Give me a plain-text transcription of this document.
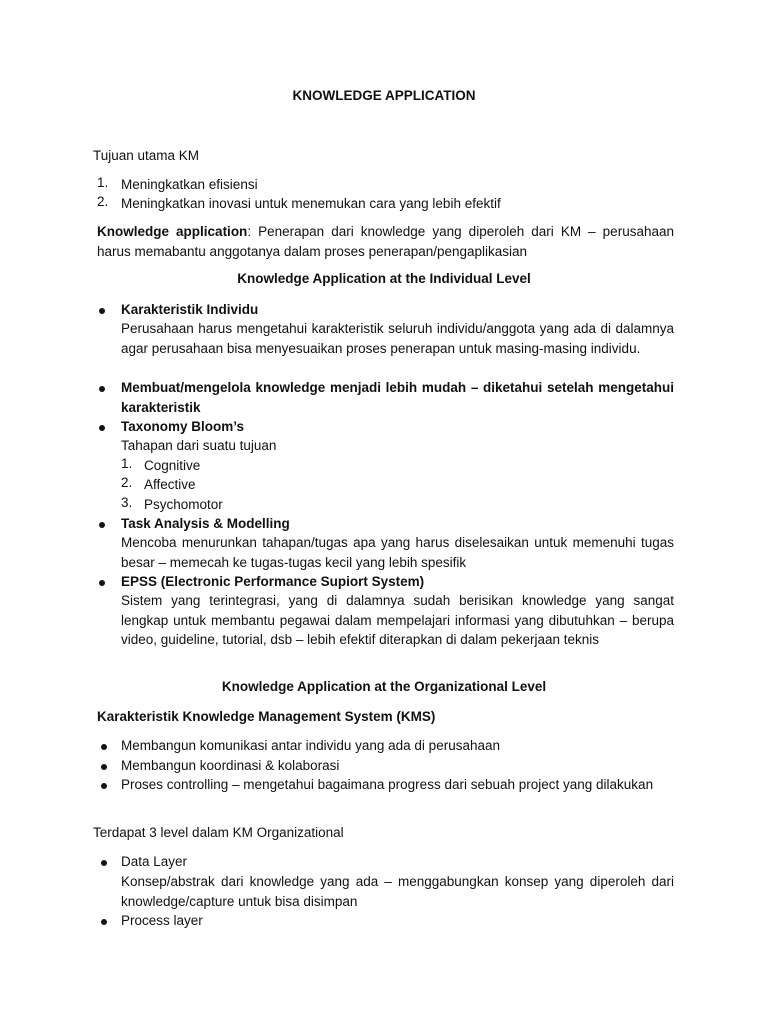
KNOWLEDGE APPLICATION
Tujuan utama KM
1. Meningkatkan efisiensi
2. Meningkatkan inovasi untuk menemukan cara yang lebih efektif
Knowledge application: Penerapan dari knowledge yang diperoleh dari KM – perusahaan harus memabantu anggotanya dalam proses penerapan/pengaplikasian
Knowledge Application at the Individual Level
Karakteristik Individu
Perusahaan harus mengetahui karakteristik seluruh individu/anggota yang ada di dalamnya agar perusahaan bisa menyesuaikan proses penerapan untuk masing-masing individu.
Membuat/mengelola knowledge menjadi lebih mudah – diketahui setelah mengetahui karakteristik
Taxonomy Bloom’s
Tahapan dari suatu tujuan
1. Cognitive
2. Affective
3. Psychomotor
Task Analysis & Modelling
Mencoba menurunkan tahapan/tugas apa yang harus diselesaikan untuk memenuhi tugas besar – memecah ke tugas-tugas kecil yang lebih spesifik
EPSS (Electronic Performance Supiort System)
Sistem yang terintegrasi, yang di dalamnya sudah berisikan knowledge yang sangat lengkap untuk membantu pegawai dalam mempelajari informasi yang dibutuhkan – berupa video, guideline, tutorial, dsb – lebih efektif diterapkan di dalam pekerjaan teknis
Knowledge Application at the Organizational Level
Karakteristik Knowledge Management System (KMS)
Membangun komunikasi antar individu yang ada di perusahaan
Membangun koordinasi & kolaborasi
Proses controlling – mengetahui bagaimana progress dari sebuah project yang dilakukan
Terdapat 3 level dalam KM Organizational
Data Layer
Konsep/abstrak dari knowledge yang ada – menggabungkan konsep yang diperoleh dari knowledge/capture untuk bisa disimpan
Process layer
